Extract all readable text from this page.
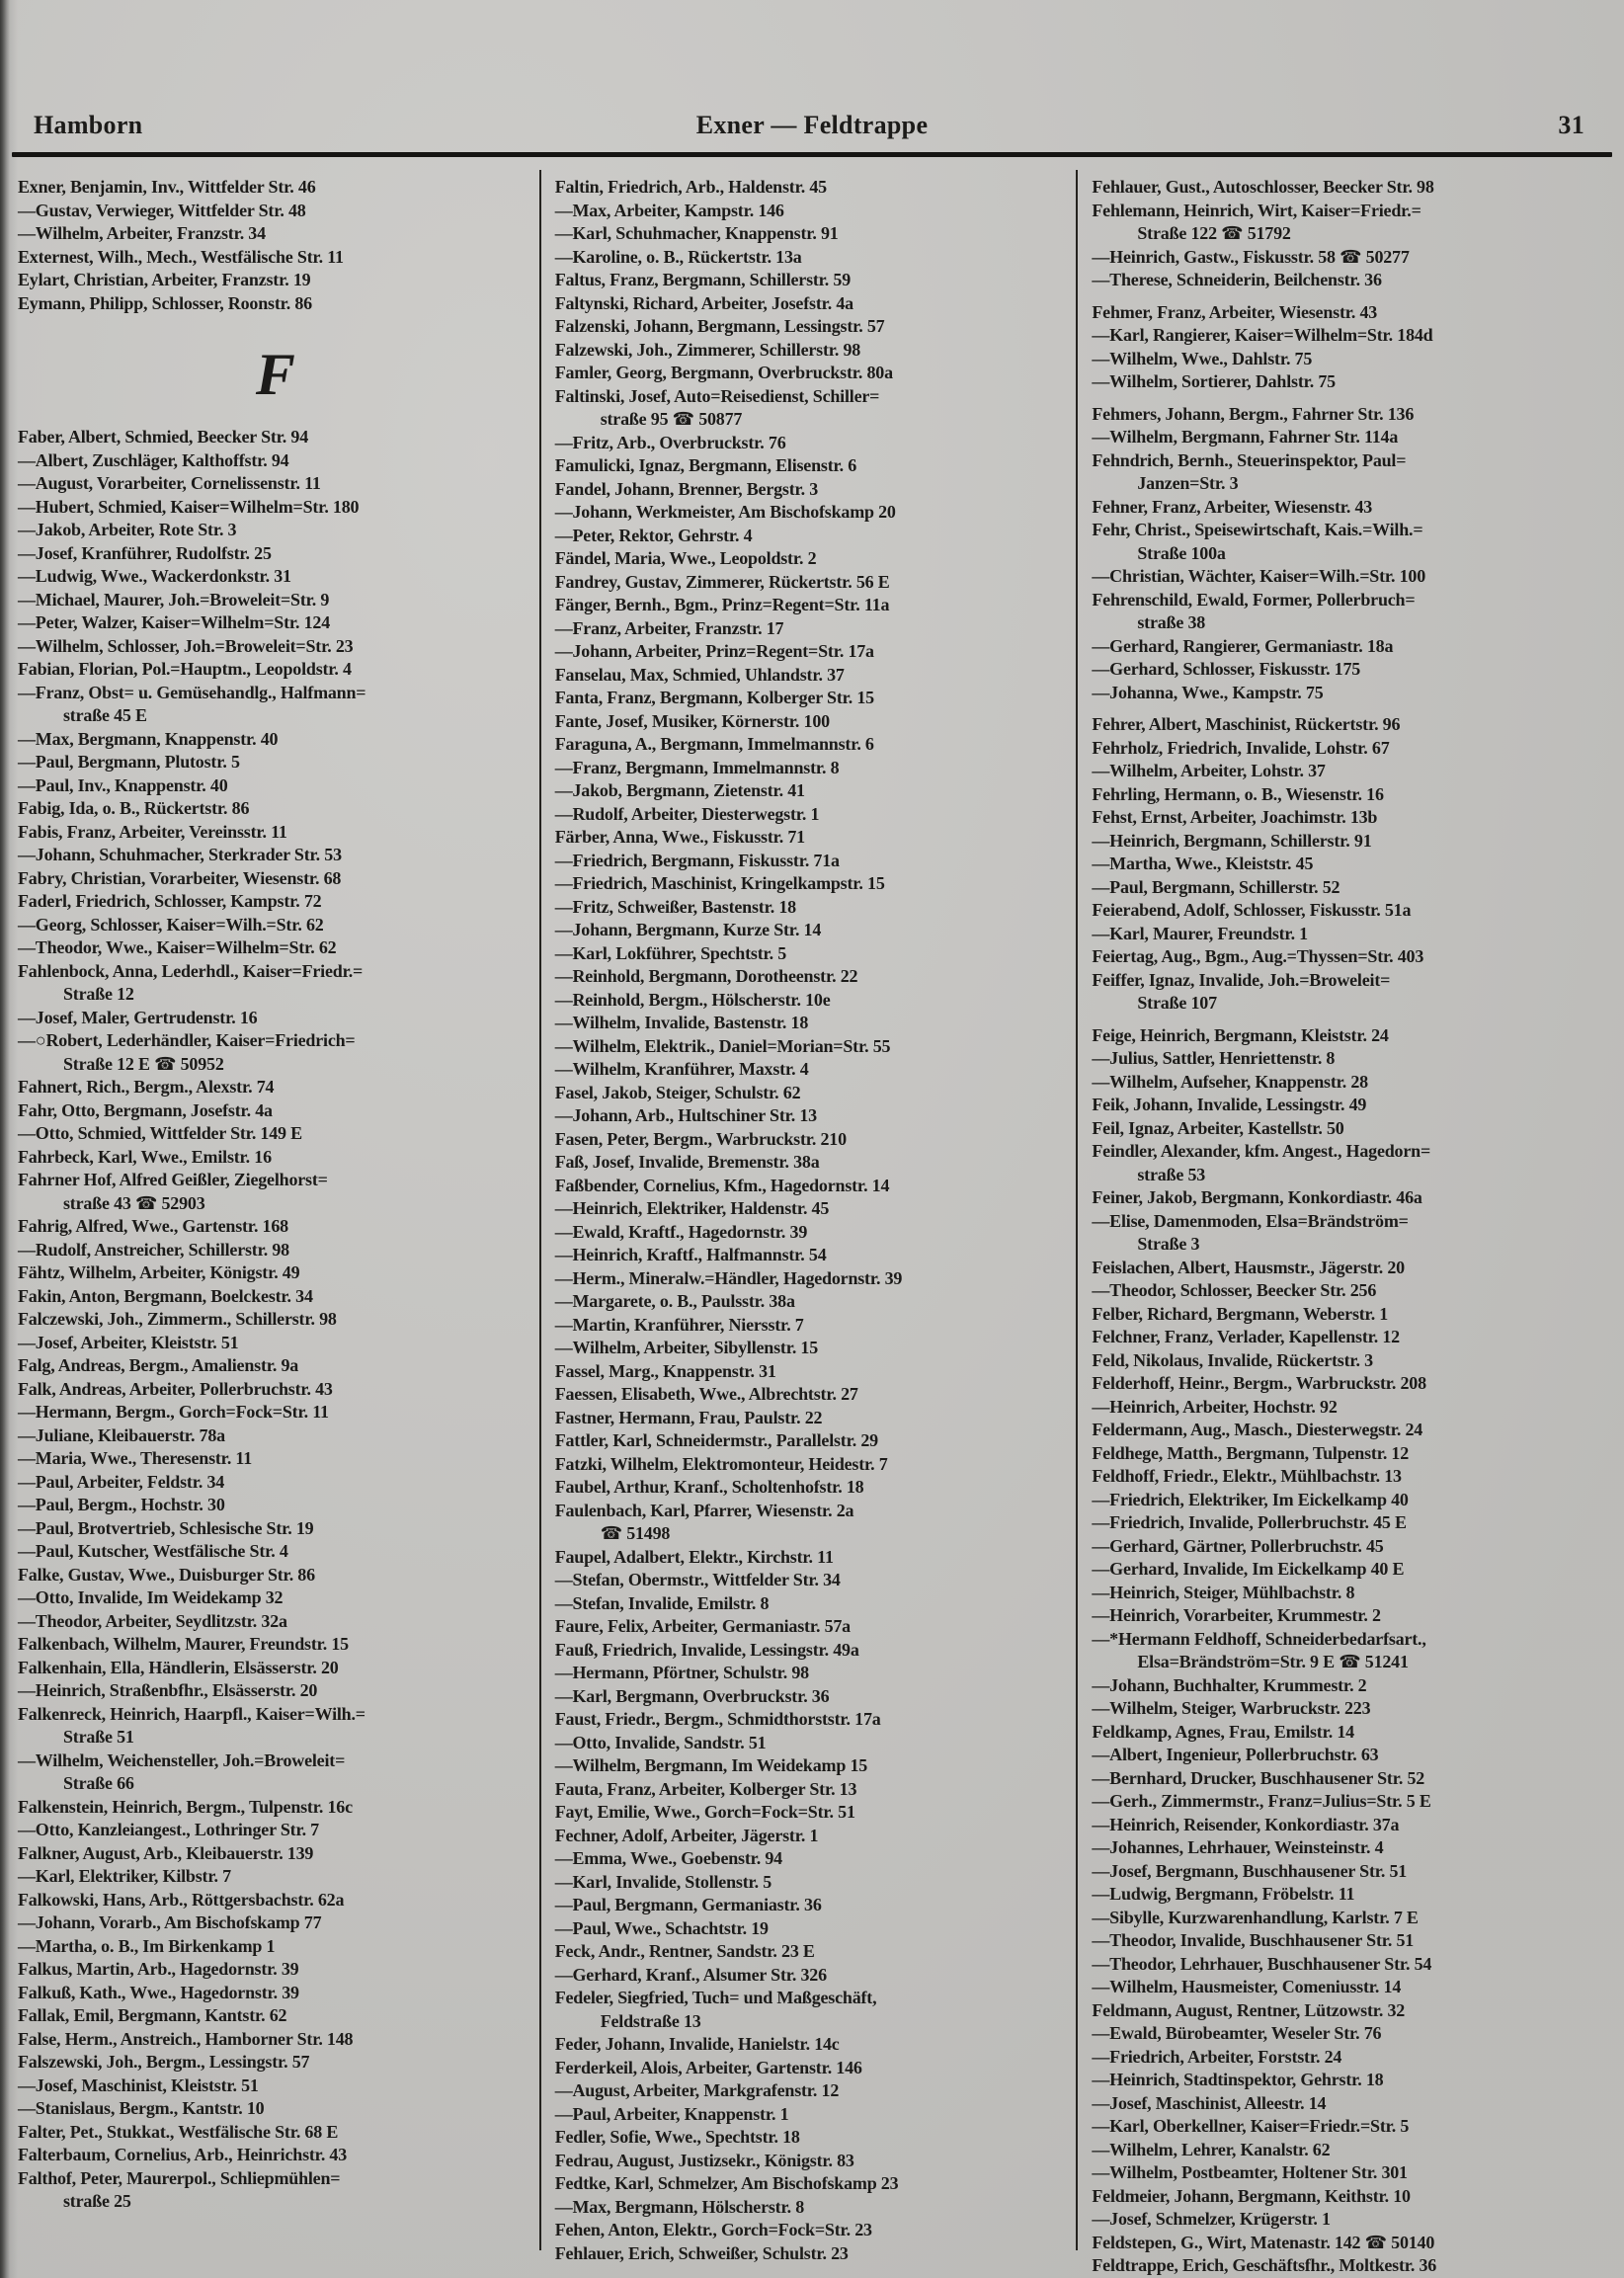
Hamborn	Exner — Feldtrappe	31
Exner, Benjamin, Inv., Wittfelder Str. 46
—Gustav, Verwieger, Wittfelder Str. 48
—Wilhelm, Arbeiter, Franzstr. 34
Externest, Wilh., Mech., Westfälische Str. 11
Eylart, Christian, Arbeiter, Franzstr. 19
Eymann, Philipp, Schlosser, Roonstr. 86
F
Faber, Albert, Schmied, Beecker Str. 94
—Albert, Zuschläger, Kalthoffstr. 94
—August, Vorarbeiter, Cornelissenstr. 11
—Hubert, Schmied, Kaiser=Wilhelm=Str. 180
—Jakob, Arbeiter, Rote Str. 3
—Josef, Kranführer, Rudolfstr. 25
—Ludwig, Wwe., Wackerdonkstr. 31
—Michael, Maurer, Joh.=Broweleit=Str. 9
—Peter, Walzer, Kaiser=Wilhelm=Str. 124
—Wilhelm, Schlosser, Joh.=Broweleit=Str. 23
Fabian, Florian, Pol.=Hauptm., Leopoldstr. 4
—Franz, Obst= u. Gemüsehandlg., Halfmann=
straße 45 E
—Max, Bergmann, Knappenstr. 40
—Paul, Bergmann, Plutostr. 5
—Paul, Inv., Knappenstr. 40
Fabig, Ida, o. B., Rückertstr. 86
Fabis, Franz, Arbeiter, Vereinsstr. 11
—Johann, Schuhmacher, Sterkrader Str. 53
Fabry, Christian, Vorarbeiter, Wiesenstr. 68
Faderl, Friedrich, Schlosser, Kampstr. 72
—Georg, Schlosser, Kaiser=Wilh.=Str. 62
—Theodor, Wwe., Kaiser=Wilhelm=Str. 62
Fahlenbock, Anna, Lederhdl., Kaiser=Friedr.=
Straße 12
—Josef, Maler, Gertrudenstr. 16
—○Robert, Lederhändler, Kaiser=Friedrich=
Straße 12 E ☎ 50952
Fahnert, Rich., Bergm., Alexstr. 74
Fahr, Otto, Bergmann, Josefstr. 4a
—Otto, Schmied, Wittfelder Str. 149 E
Fahrbeck, Karl, Wwe., Emilstr. 16
Fahrner Hof, Alfred Geißler, Ziegelhorst=
straße 43 ☎ 52903
Fahrig, Alfred, Wwe., Gartenstr. 168
—Rudolf, Anstreicher, Schillerstr. 98
Fähtz, Wilhelm, Arbeiter, Königstr. 49
Fakin, Anton, Bergmann, Boelckestr. 34
Falczewski, Joh., Zimmerm., Schillerstr. 98
—Josef, Arbeiter, Kleiststr. 51
Falg, Andreas, Bergm., Amalienstr. 9a
Falk, Andreas, Arbeiter, Pollerbruchstr. 43
—Hermann, Bergm., Gorch=Fock=Str. 11
—Juliane, Kleibauerstr. 78a
—Maria, Wwe., Theresenstr. 11
—Paul, Arbeiter, Feldstr. 34
—Paul, Bergm., Hochstr. 30
—Paul, Brotvertrieb, Schlesische Str. 19
—Paul, Kutscher, Westfälische Str. 4
Falke, Gustav, Wwe., Duisburger Str. 86
—Otto, Invalide, Im Weidekamp 32
—Theodor, Arbeiter, Seydlitzstr. 32a
Falkenbach, Wilhelm, Maurer, Freundstr. 15
Falkenhain, Ella, Händlerin, Elsässerstr. 20
—Heinrich, Straßenbfhr., Elsässerstr. 20
Falkenreck, Heinrich, Haarpfl., Kaiser=Wilh.=
Straße 51
—Wilhelm, Weichensteller, Joh.=Broweleit=
Straße 66
Falkenstein, Heinrich, Bergm., Tulpenstr. 16c
—Otto, Kanzleiangest., Lothringer Str. 7
Falkner, August, Arb., Kleibauerstr. 139
—Karl, Elektriker, Kilbstr. 7
Falkowski, Hans, Arb., Röttgersbachstr. 62a
—Johann, Vorarb., Am Bischofskamp 77
—Martha, o. B., Im Birkenkamp 1
Falkus, Martin, Arb., Hagedornstr. 39
Falkuß, Kath., Wwe., Hagedornstr. 39
Fallak, Emil, Bergmann, Kantstr. 62
False, Herm., Anstreich., Hamborner Str. 148
Falszewski, Joh., Bergm., Lessingstr. 57
—Josef, Maschinist, Kleiststr. 51
—Stanislaus, Bergm., Kantstr. 10
Falter, Pet., Stukkat., Westfälische Str. 68 E
Falterbaum, Cornelius, Arb., Heinrichstr. 43
Falthof, Peter, Maurerpol., Schliepmühlen=
straße 25
Faltin, Friedrich, Arb., Haldenstr. 45
—Max, Arbeiter, Kampstr. 146
—Karl, Schuhmacher, Knappenstr. 91
—Karoline, o. B., Rückertstr. 13a
Faltus, Franz, Bergmann, Schillerstr. 59
Faltynski, Richard, Arbeiter, Josefstr. 4a
Falzenski, Johann, Bergmann, Lessingstr. 57
Falzewski, Joh., Zimmerer, Schillerstr. 98
Famler, Georg, Bergmann, Overbruckstr. 80a
Faltinski, Josef, Auto=Reisedienst, Schiller=
straße 95 ☎ 50877
—Fritz, Arb., Overbruckstr. 76
Famulicki, Ignaz, Bergmann, Elisenstr. 6
Fandel, Johann, Brenner, Bergstr. 3
—Johann, Werkmeister, Am Bischofskamp 20
—Peter, Rektor, Gehrstr. 4
Fändel, Maria, Wwe., Leopoldstr. 2
Fandrey, Gustav, Zimmerer, Rückertstr. 56 E
Fänger, Bernh., Bgm., Prinz=Regent=Str. 11a
—Franz, Arbeiter, Franzstr. 17
—Johann, Arbeiter, Prinz=Regent=Str. 17a
Fanselau, Max, Schmied, Uhlandstr. 37
Fanta, Franz, Bergmann, Kolberger Str. 15
Fante, Josef, Musiker, Körnerstr. 100
Faraguna, A., Bergmann, Immelmannstr. 6
—Franz, Bergmann, Immelmannstr. 8
—Jakob, Bergmann, Zietenstr. 41
—Rudolf, Arbeiter, Diesterwegstr. 1
Färber, Anna, Wwe., Fiskusstr. 71
—Friedrich, Bergmann, Fiskusstr. 71a
—Friedrich, Maschinist, Kringelkampstr. 15
—Fritz, Schweißer, Bastenstr. 18
—Johann, Bergmann, Kurze Str. 14
—Karl, Lokführer, Spechtstr. 5
—Reinhold, Bergmann, Dorotheenstr. 22
—Reinhold, Bergm., Hölscherstr. 10e
—Wilhelm, Invalide, Bastenstr. 18
—Wilhelm, Elektrik., Daniel=Morian=Str. 55
—Wilhelm, Kranführer, Maxstr. 4
Fasel, Jakob, Steiger, Schulstr. 62
—Johann, Arb., Hultschiner Str. 13
Fasen, Peter, Bergm., Warbruckstr. 210
Faß, Josef, Invalide, Bremenstr. 38a
Faßbender, Cornelius, Kfm., Hagedornstr. 14
—Heinrich, Elektriker, Haldenstr. 45
—Ewald, Kraftf., Hagedornstr. 39
—Heinrich, Kraftf., Halfmannstr. 54
—Herm., Mineralw.=Händler, Hagedornstr. 39
—Margarete, o. B., Paulsstr. 38a
—Martin, Kranführer, Niersstr. 7
—Wilhelm, Arbeiter, Sibyllenstr. 15
Fassel, Marg., Knappenstr. 31
Faessen, Elisabeth, Wwe., Albrechtstr. 27
Fastner, Hermann, Frau, Paulstr. 22
Fattler, Karl, Schneidermstr., Parallelstr. 29
Fatzki, Wilhelm, Elektromonteur, Heidestr. 7
Faubel, Arthur, Kranf., Scholtenhofstr. 18
Faulenbach, Karl, Pfarrer, Wiesenstr. 2a
☎ 51498
Faupel, Adalbert, Elektr., Kirchstr. 11
—Stefan, Obermstr., Wittfelder Str. 34
—Stefan, Invalide, Emilstr. 8
Faure, Felix, Arbeiter, Germaniastr. 57a
Fauß, Friedrich, Invalide, Lessingstr. 49a
—Hermann, Pförtner, Schulstr. 98
—Karl, Bergmann, Overbruckstr. 36
Faust, Friedr., Bergm., Schmidthorststr. 17a
—Otto, Invalide, Sandstr. 51
—Wilhelm, Bergmann, Im Weidekamp 15
Fauta, Franz, Arbeiter, Kolberger Str. 13
Fayt, Emilie, Wwe., Gorch=Fock=Str. 51
Fechner, Adolf, Arbeiter, Jägerstr. 1
—Emma, Wwe., Goebenstr. 94
—Karl, Invalide, Stollenstr. 5
—Paul, Bergmann, Germaniastr. 36
—Paul, Wwe., Schachtstr. 19
Feck, Andr., Rentner, Sandstr. 23 E
—Gerhard, Kranf., Alsumer Str. 326
Fedeler, Siegfried, Tuch= und Maßgeschäft,
Feldstraße 13
Feder, Johann, Invalide, Hanielstr. 14c
Ferderkeil, Alois, Arbeiter, Gartenstr. 146
—August, Arbeiter, Markgrafenstr. 12
—Paul, Arbeiter, Knappenstr. 1
Fedler, Sofie, Wwe., Spechtstr. 18
Fedrau, August, Justizsekr., Königstr. 83
Fedtke, Karl, Schmelzer, Am Bischofskamp 23
—Max, Bergmann, Hölscherstr. 8
Fehen, Anton, Elektr., Gorch=Fock=Str. 23
Fehlauer, Erich, Schweißer, Schulstr. 23
Fehlauer, Gust., Autoschlosser, Beecker Str. 98
Fehlemann, Heinrich, Wirt, Kaiser=Friedr.=
Straße 122 ☎ 51792
—Heinrich, Gastw., Fiskusstr. 58 ☎ 50277
—Therese, Schneiderin, Beilchenstr. 36
Fehmer, Franz, Arbeiter, Wiesenstr. 43
—Karl, Rangierer, Kaiser=Wilhelm=Str. 184d
—Wilhelm, Wwe., Dahlstr. 75
—Wilhelm, Sortierer, Dahlstr. 75
Fehmers, Johann, Bergm., Fahrner Str. 136
—Wilhelm, Bergmann, Fahrner Str. 114a
Fehndrich, Bernh., Steuerinspektor, Paul=
Janzen=Str. 3
Fehner, Franz, Arbeiter, Wiesenstr. 43
Fehr, Christ., Speisewirtschaft, Kais.=Wilh.=
Straße 100a
—Christian, Wächter, Kaiser=Wilh.=Str. 100
Fehrenschild, Ewald, Former, Pollerbruch=
straße 38
—Gerhard, Rangierer, Germaniastr. 18a
—Gerhard, Schlosser, Fiskusstr. 175
—Johanna, Wwe., Kampstr. 75
Fehrer, Albert, Maschinist, Rückertstr. 96
Fehrholz, Friedrich, Invalide, Lohstr. 67
—Wilhelm, Arbeiter, Lohstr. 37
Fehrling, Hermann, o. B., Wiesenstr. 16
Fehst, Ernst, Arbeiter, Joachimstr. 13b
—Heinrich, Bergmann, Schillerstr. 91
—Martha, Wwe., Kleiststr. 45
—Paul, Bergmann, Schillerstr. 52
Feierabend, Adolf, Schlosser, Fiskusstr. 51a
—Karl, Maurer, Freundstr. 1
Feiertag, Aug., Bgm., Aug.=Thyssen=Str. 403
Feiffer, Ignaz, Invalide, Joh.=Broweleit=
Straße 107
Feige, Heinrich, Bergmann, Kleiststr. 24
—Julius, Sattler, Henriettenstr. 8
—Wilhelm, Aufseher, Knappenstr. 28
Feik, Johann, Invalide, Lessingstr. 49
Feil, Ignaz, Arbeiter, Kastellstr. 50
Feindler, Alexander, kfm. Angest., Hagedorn=
straße 53
Feiner, Jakob, Bergmann, Konkordiastr. 46a
—Elise, Damenmoden, Elsa=Brändström=
Straße 3
Feislachen, Albert, Hausmstr., Jägerstr. 20
—Theodor, Schlosser, Beecker Str. 256
Felber, Richard, Bergmann, Weberstr. 1
Felchner, Franz, Verlader, Kapellenstr. 12
Feld, Nikolaus, Invalide, Rückertstr. 3
Felderhoff, Heinr., Bergm., Warbruckstr. 208
—Heinrich, Arbeiter, Hochstr. 92
Feldermann, Aug., Masch., Diesterwegstr. 24
Feldhege, Matth., Bergmann, Tulpenstr. 12
Feldhoff, Friedr., Elektr., Mühlbachstr. 13
—Friedrich, Elektriker, Im Eickelkamp 40
—Friedrich, Invalide, Pollerbruchstr. 45 E
—Gerhard, Gärtner, Pollerbruchstr. 45
—Gerhard, Invalide, Im Eickelkamp 40 E
—Heinrich, Steiger, Mühlbachstr. 8
—Heinrich, Vorarbeiter, Krummestr. 2
—*Hermann Feldhoff, Schneiderbedarfsart.,
Elsa=Brändström=Str. 9 E ☎ 51241
—Johann, Buchhalter, Krummestr. 2
—Wilhelm, Steiger, Warbruckstr. 223
Feldkamp, Agnes, Frau, Emilstr. 14
—Albert, Ingenieur, Pollerbruchstr. 63
—Bernhard, Drucker, Buschhausener Str. 52
—Gerh., Zimmermstr., Franz=Julius=Str. 5 E
—Heinrich, Reisender, Konkordiastr. 37a
—Johannes, Lehrhauer, Weinsteinstr. 4
—Josef, Bergmann, Buschhausener Str. 51
—Ludwig, Bergmann, Fröbelstr. 11
—Sibylle, Kurzwarenhandlung, Karlstr. 7 E
—Theodor, Invalide, Buschhausener Str. 51
—Theodor, Lehrhauer, Buschhausener Str. 54
—Wilhelm, Hausmeister, Comeniusstr. 14
Feldmann, August, Rentner, Lützowstr. 32
—Ewald, Bürobeamter, Weseler Str. 76
—Friedrich, Arbeiter, Forststr. 24
—Heinrich, Stadtinspektor, Gehrstr. 18
—Josef, Maschinist, Alleestr. 14
—Karl, Oberkellner, Kaiser=Friedr.=Str. 5
—Wilhelm, Lehrer, Kanalstr. 62
—Wilhelm, Postbeamter, Holtener Str. 301
Feldmeier, Johann, Bergmann, Keithstr. 10
—Josef, Schmelzer, Krügerstr. 1
Feldstepen, G., Wirt, Matenastr. 142 ☎ 50140
Feldtrappe, Erich, Geschäftsfhr., Moltkestr. 36
